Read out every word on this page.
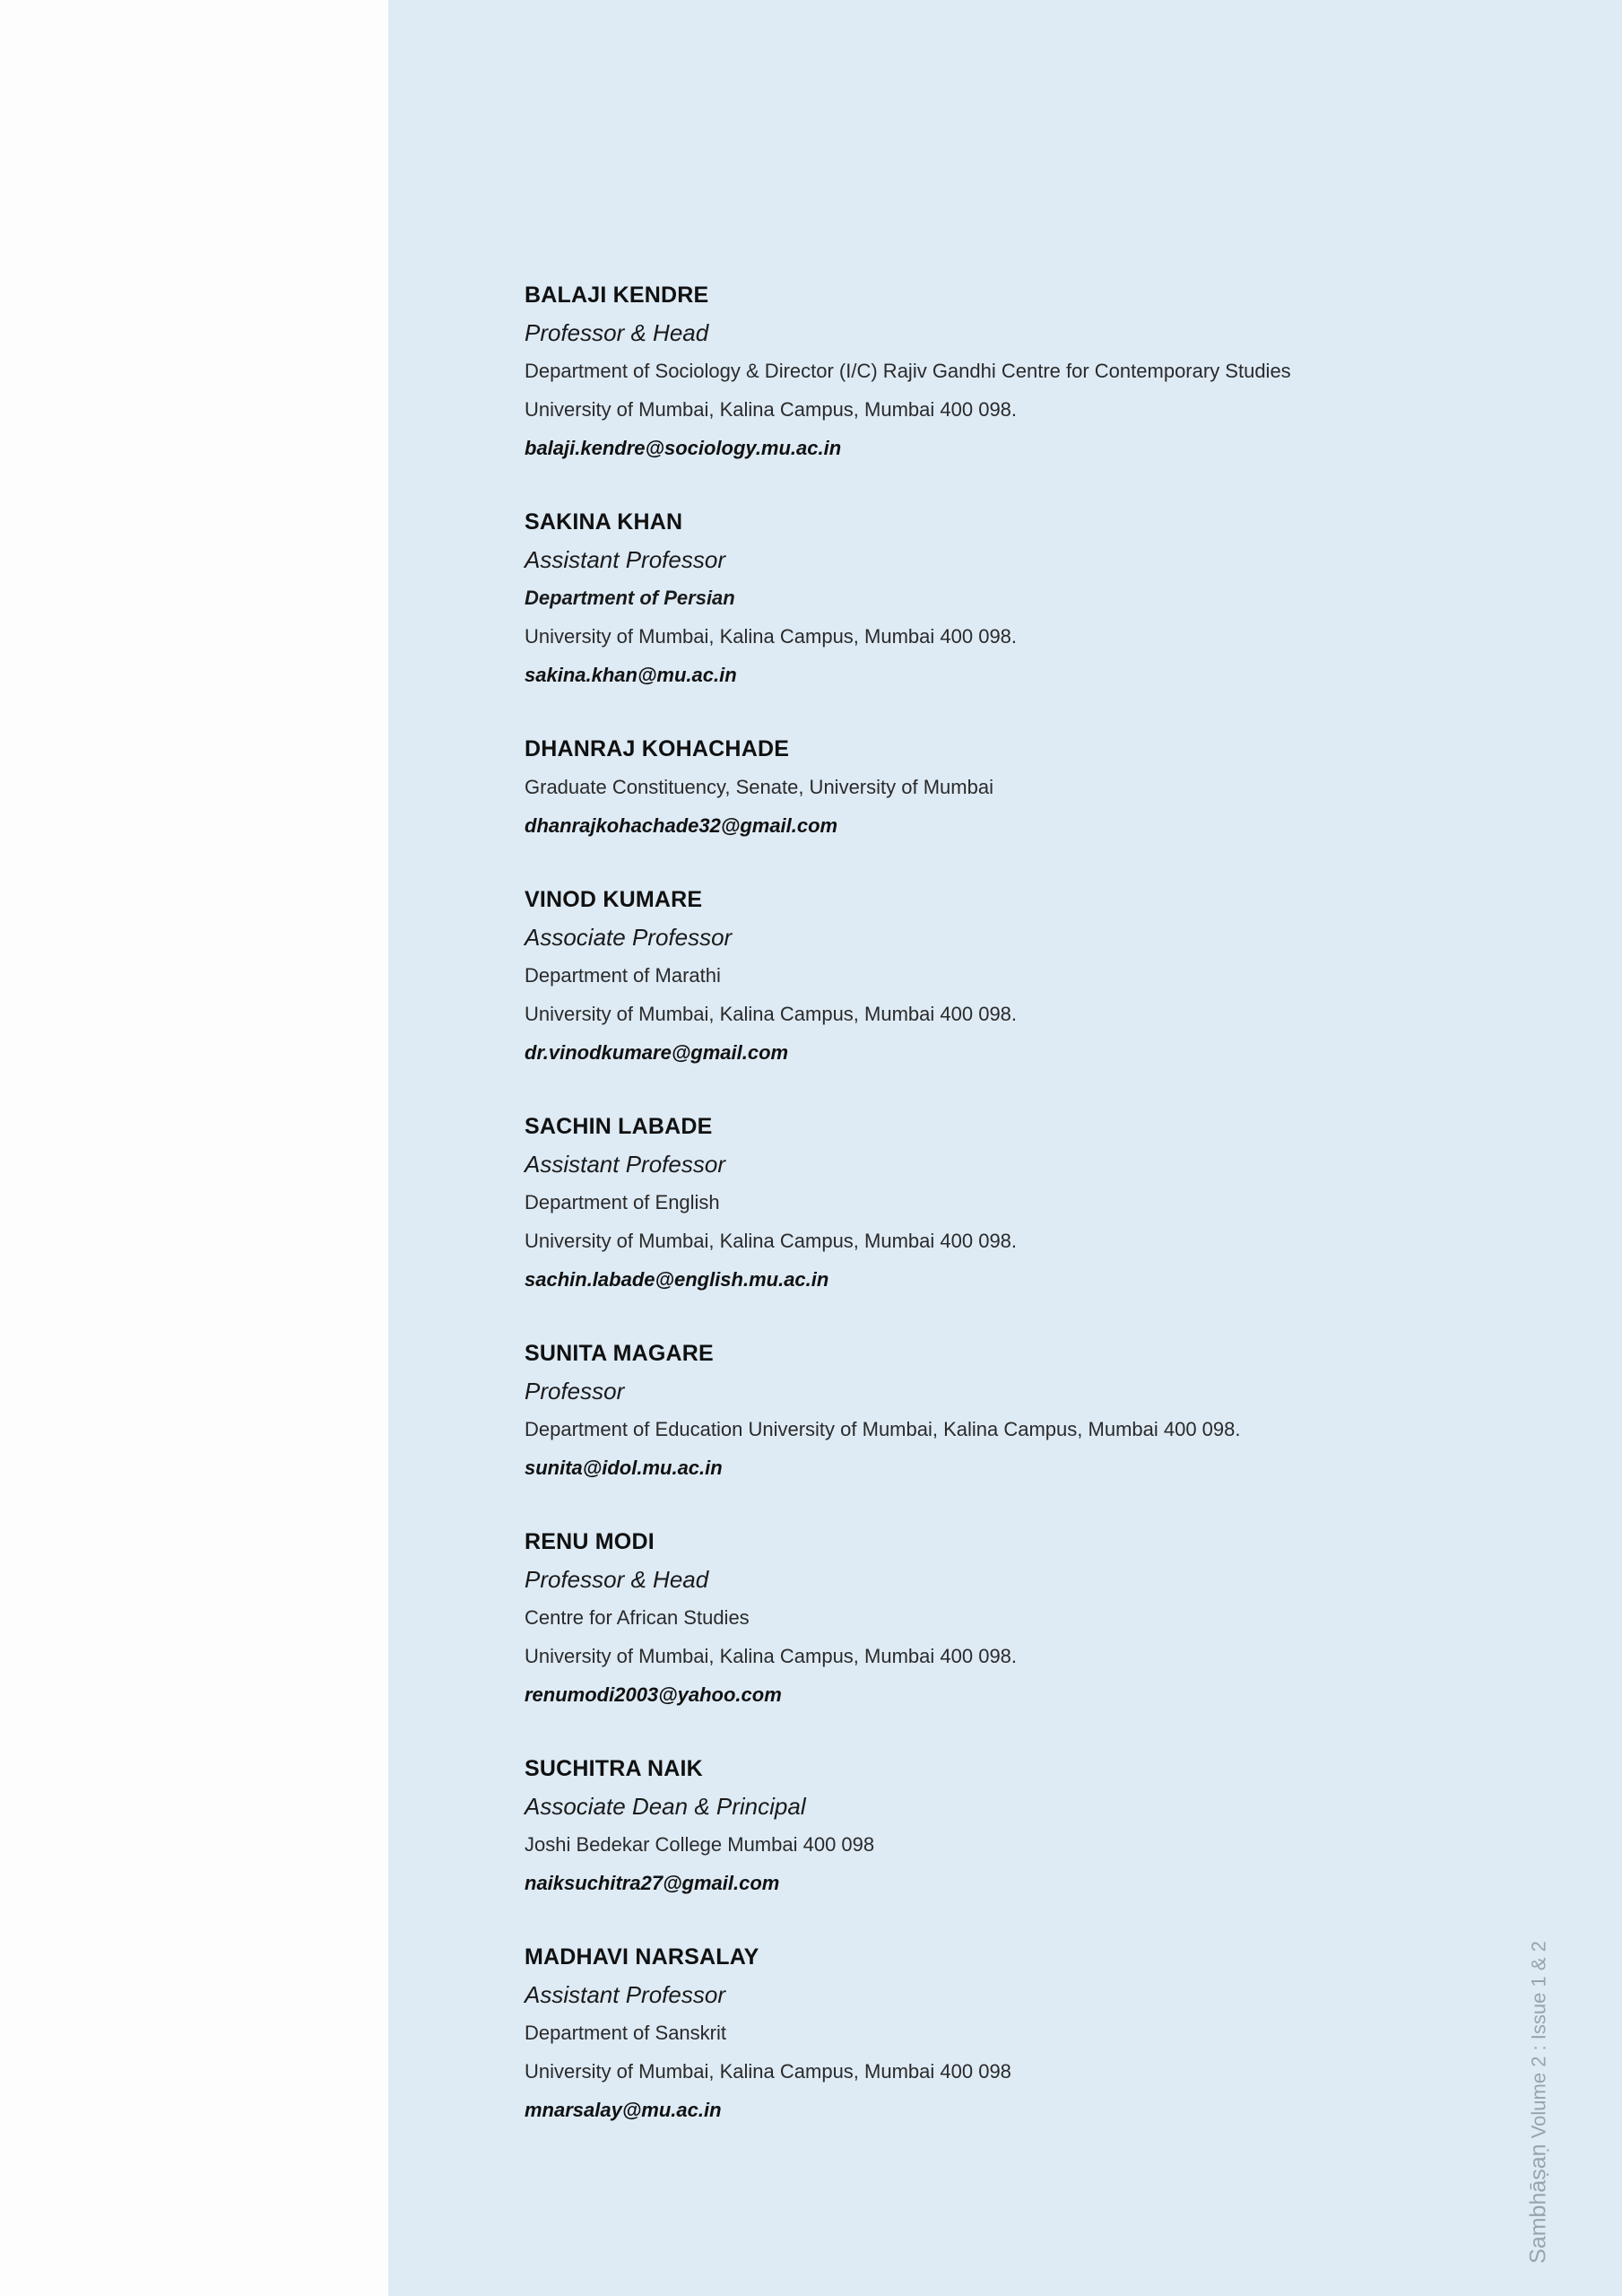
BALAJI KENDRE
Professor & Head
Department of Sociology & Director (I/C) Rajiv Gandhi Centre for Contemporary Studies
University of Mumbai, Kalina Campus, Mumbai 400 098.
balaji.kendre@sociology.mu.ac.in
SAKINA KHAN
Assistant Professor
Department of Persian
University of Mumbai, Kalina Campus, Mumbai 400 098.
sakina.khan@mu.ac.in
DHANRAJ KOHACHADE
Graduate Constituency, Senate, University of Mumbai
dhanrajkohachade32@gmail.com
VINOD KUMARE
Associate Professor
Department of Marathi
University of Mumbai, Kalina Campus, Mumbai 400 098.
dr.vinodkumare@gmail.com
SACHIN LABADE
Assistant Professor
Department of English
University of Mumbai, Kalina Campus, Mumbai 400 098.
sachin.labade@english.mu.ac.in
SUNITA MAGARE
Professor
Department of Education University of Mumbai, Kalina Campus, Mumbai 400 098.
sunita@idol.mu.ac.in
RENU MODI
Professor & Head
Centre for African Studies
University of Mumbai, Kalina Campus, Mumbai 400 098.
renumodi2003@yahoo.com
SUCHITRA NAIK
Associate Dean & Principal
Joshi Bedekar College Mumbai 400 098
naiksuchitra27@gmail.com
MADHAVI NARSALAY
Assistant Professor
Department of Sanskrit
University of Mumbai, Kalina Campus, Mumbai 400 098
mnarsalay@mu.ac.in
Sambhāṣaṇ Volume 2 : Issue 1 & 2
